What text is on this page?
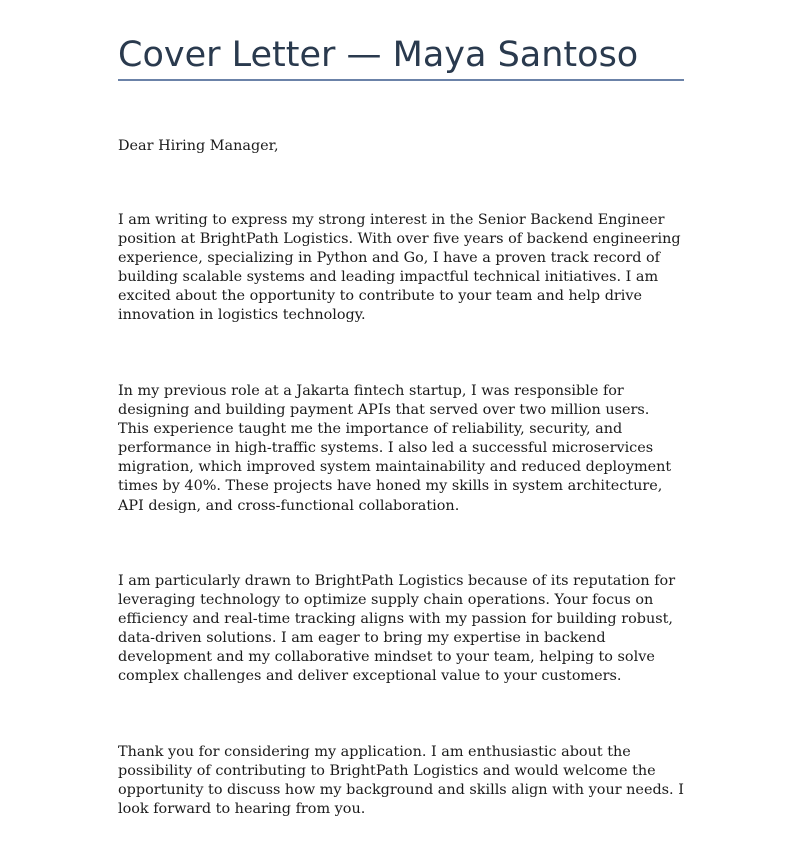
Cover Letter — Maya Santoso

Dear Hiring Manager,

I am writing to express my strong interest in the Senior Backend Engineer position at BrightPath Logistics. With over five years of backend engineering experience, specializing in Python and Go, I have a proven track record of building scalable systems and leading impactful technical initiatives. I am excited about the opportunity to contribute to your team and help drive innovation in logistics technology.

In my previous role at a Jakarta fintech startup, I was responsible for designing and building payment APIs that served over two million users. This experience taught me the importance of reliability, security, and performance in high-traffic systems. I also led a successful microservices migration, which improved system maintainability and reduced deployment times by 40%. These projects have honed my skills in system architecture, API design, and cross-functional collaboration.

I am particularly drawn to BrightPath Logistics because of its reputation for leveraging technology to optimize supply chain operations. Your focus on efficiency and real-time tracking aligns with my passion for building robust, data-driven solutions. I am eager to bring my expertise in backend development and my collaborative mindset to your team, helping to solve complex challenges and deliver exceptional value to your customers.

Thank you for considering my application. I am enthusiastic about the possibility of contributing to BrightPath Logistics and would welcome the opportunity to discuss how my background and skills align with your needs. I look forward to hearing from you.
